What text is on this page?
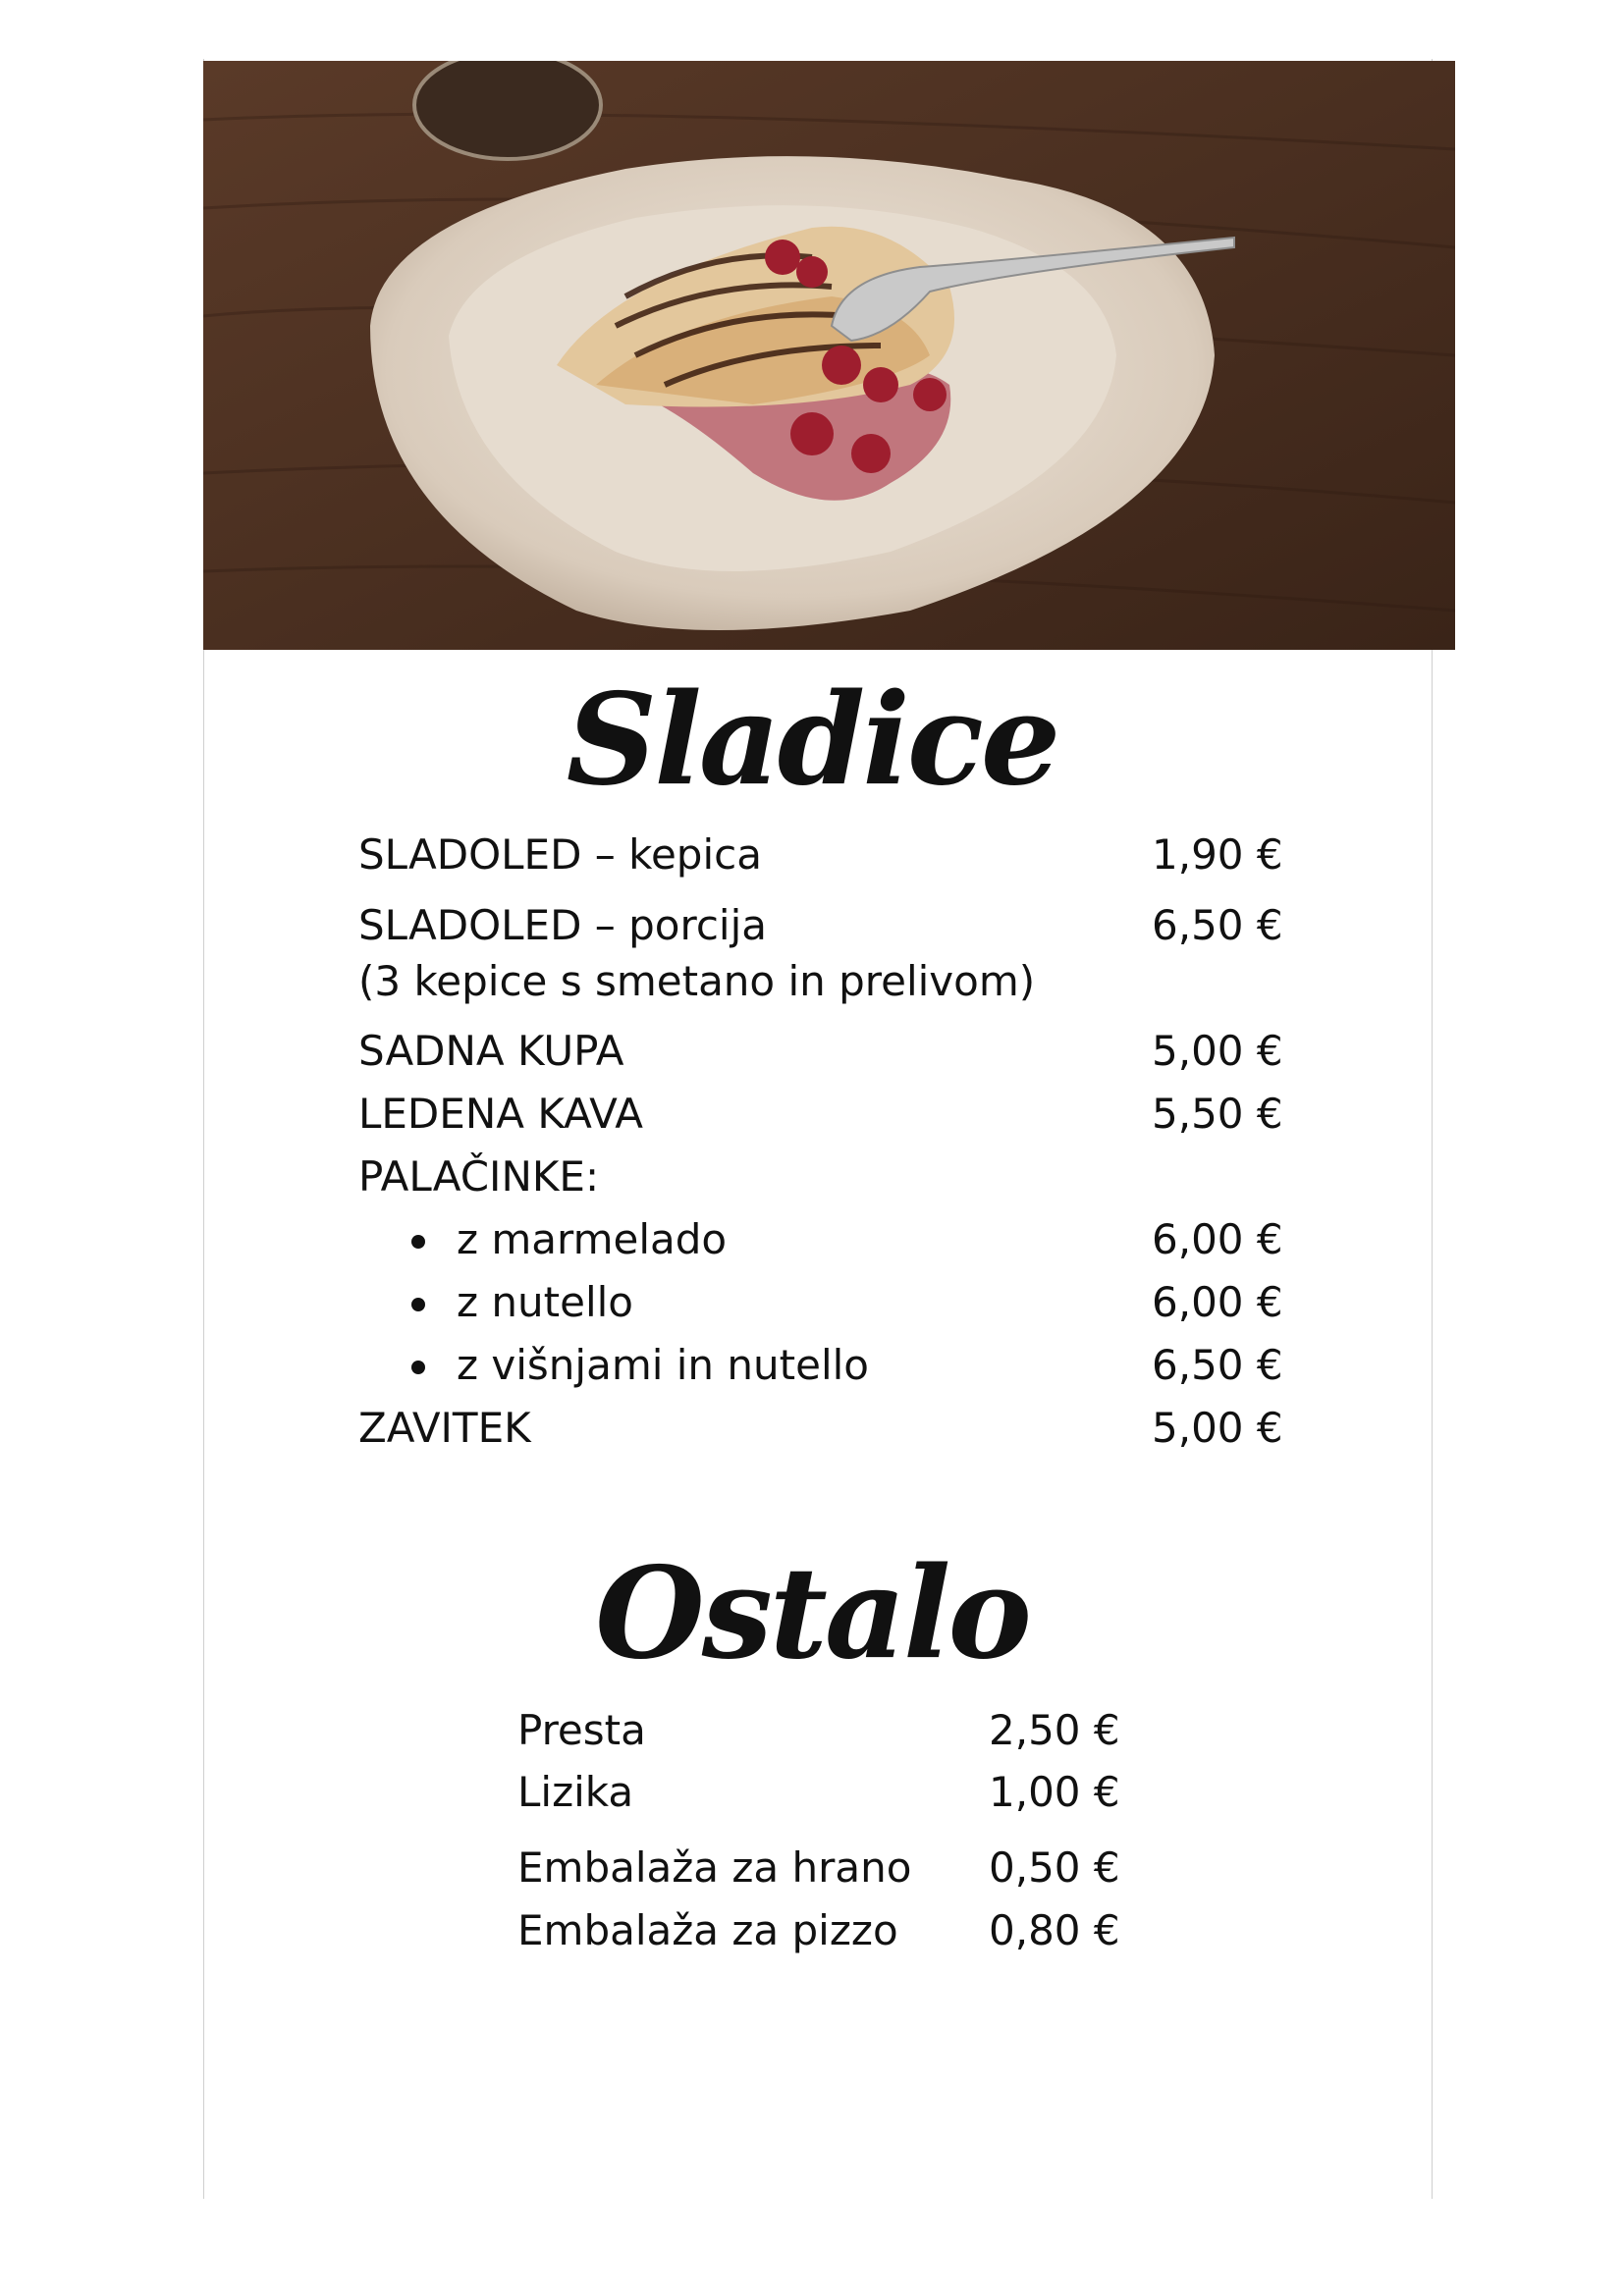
Sladice
SLADOLED – kepica	1,90 €
SLADOLED – porcija	6,50 €
(3 kepice s smetano in prelivom)
SADNA KUPA	5,00 €
LEDENA KAVA	5,50 €
PALAČINKE:
z marmelado	6,00 €
z nutello	6,00 €
z višnjami in nutello	6,50 €
ZAVITEK	5,00 €
Ostalo
Presta	2,50 €
Lizika	1,00 €
Embalaža za hrano 0,50 €
Embalaža za pizzo 0,80 €
